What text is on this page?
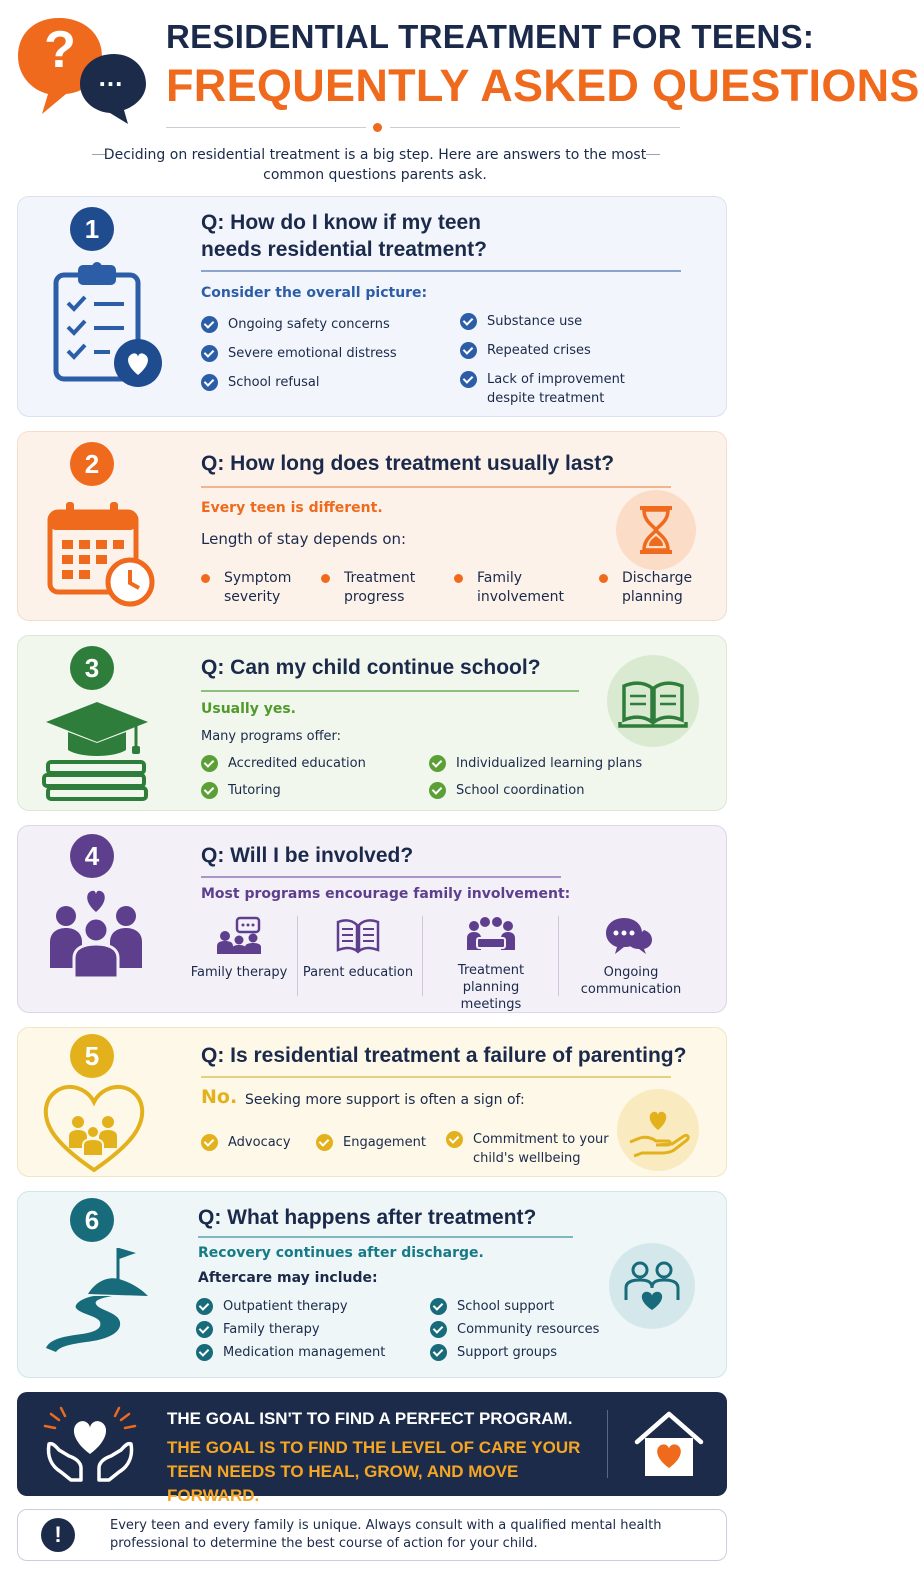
? ...
RESIDENTIAL TREATMENT FOR TEENS:
FREQUENTLY ASKED QUESTIONS
Deciding on residential treatment is a big step. Here are answers to the most common questions parents ask.
1	Q: How do I know if my teen needs residential treatment?
Consider the overall picture:
Ongoing safety concerns
Severe emotional distress
School refusal
Substance use
Repeated crises
Lack of improvement despite treatment
2	Q: How long does treatment usually last?
Every teen is different.
Length of stay depends on:
Symptom severity
Treatment progress
Family involvement
Discharge planning
3	Q: Can my child continue school?
Usually yes.
Many programs offer:
Accredited education
Tutoring
Individualized learning plans
School coordination
4	Q: Will I be involved?
Most programs encourage family involvement:
Family therapy	Parent education	Treatment planning meetings
Ongoing communication
5	Q: Is residential treatment a failure of parenting?
No. Seeking more support is often a sign of:
Advocacy	Engagement	Commitment to your child's wellbeing
6	Q: What happens after treatment?
Recovery continues after discharge.
Aftercare may include:
Outpatient therapy
Family therapy
Medication management
School support
Community resources
Support groups
THE GOAL ISN'T TO FIND A PERFECT PROGRAM.
THE GOAL IS TO FIND THE LEVEL OF CARE YOUR TEEN NEEDS TO HEAL, GROW, AND MOVE FORWARD.
!	Every teen and every family is unique. Always consult with a qualified mental health professional to determine the best course of action for your child.
